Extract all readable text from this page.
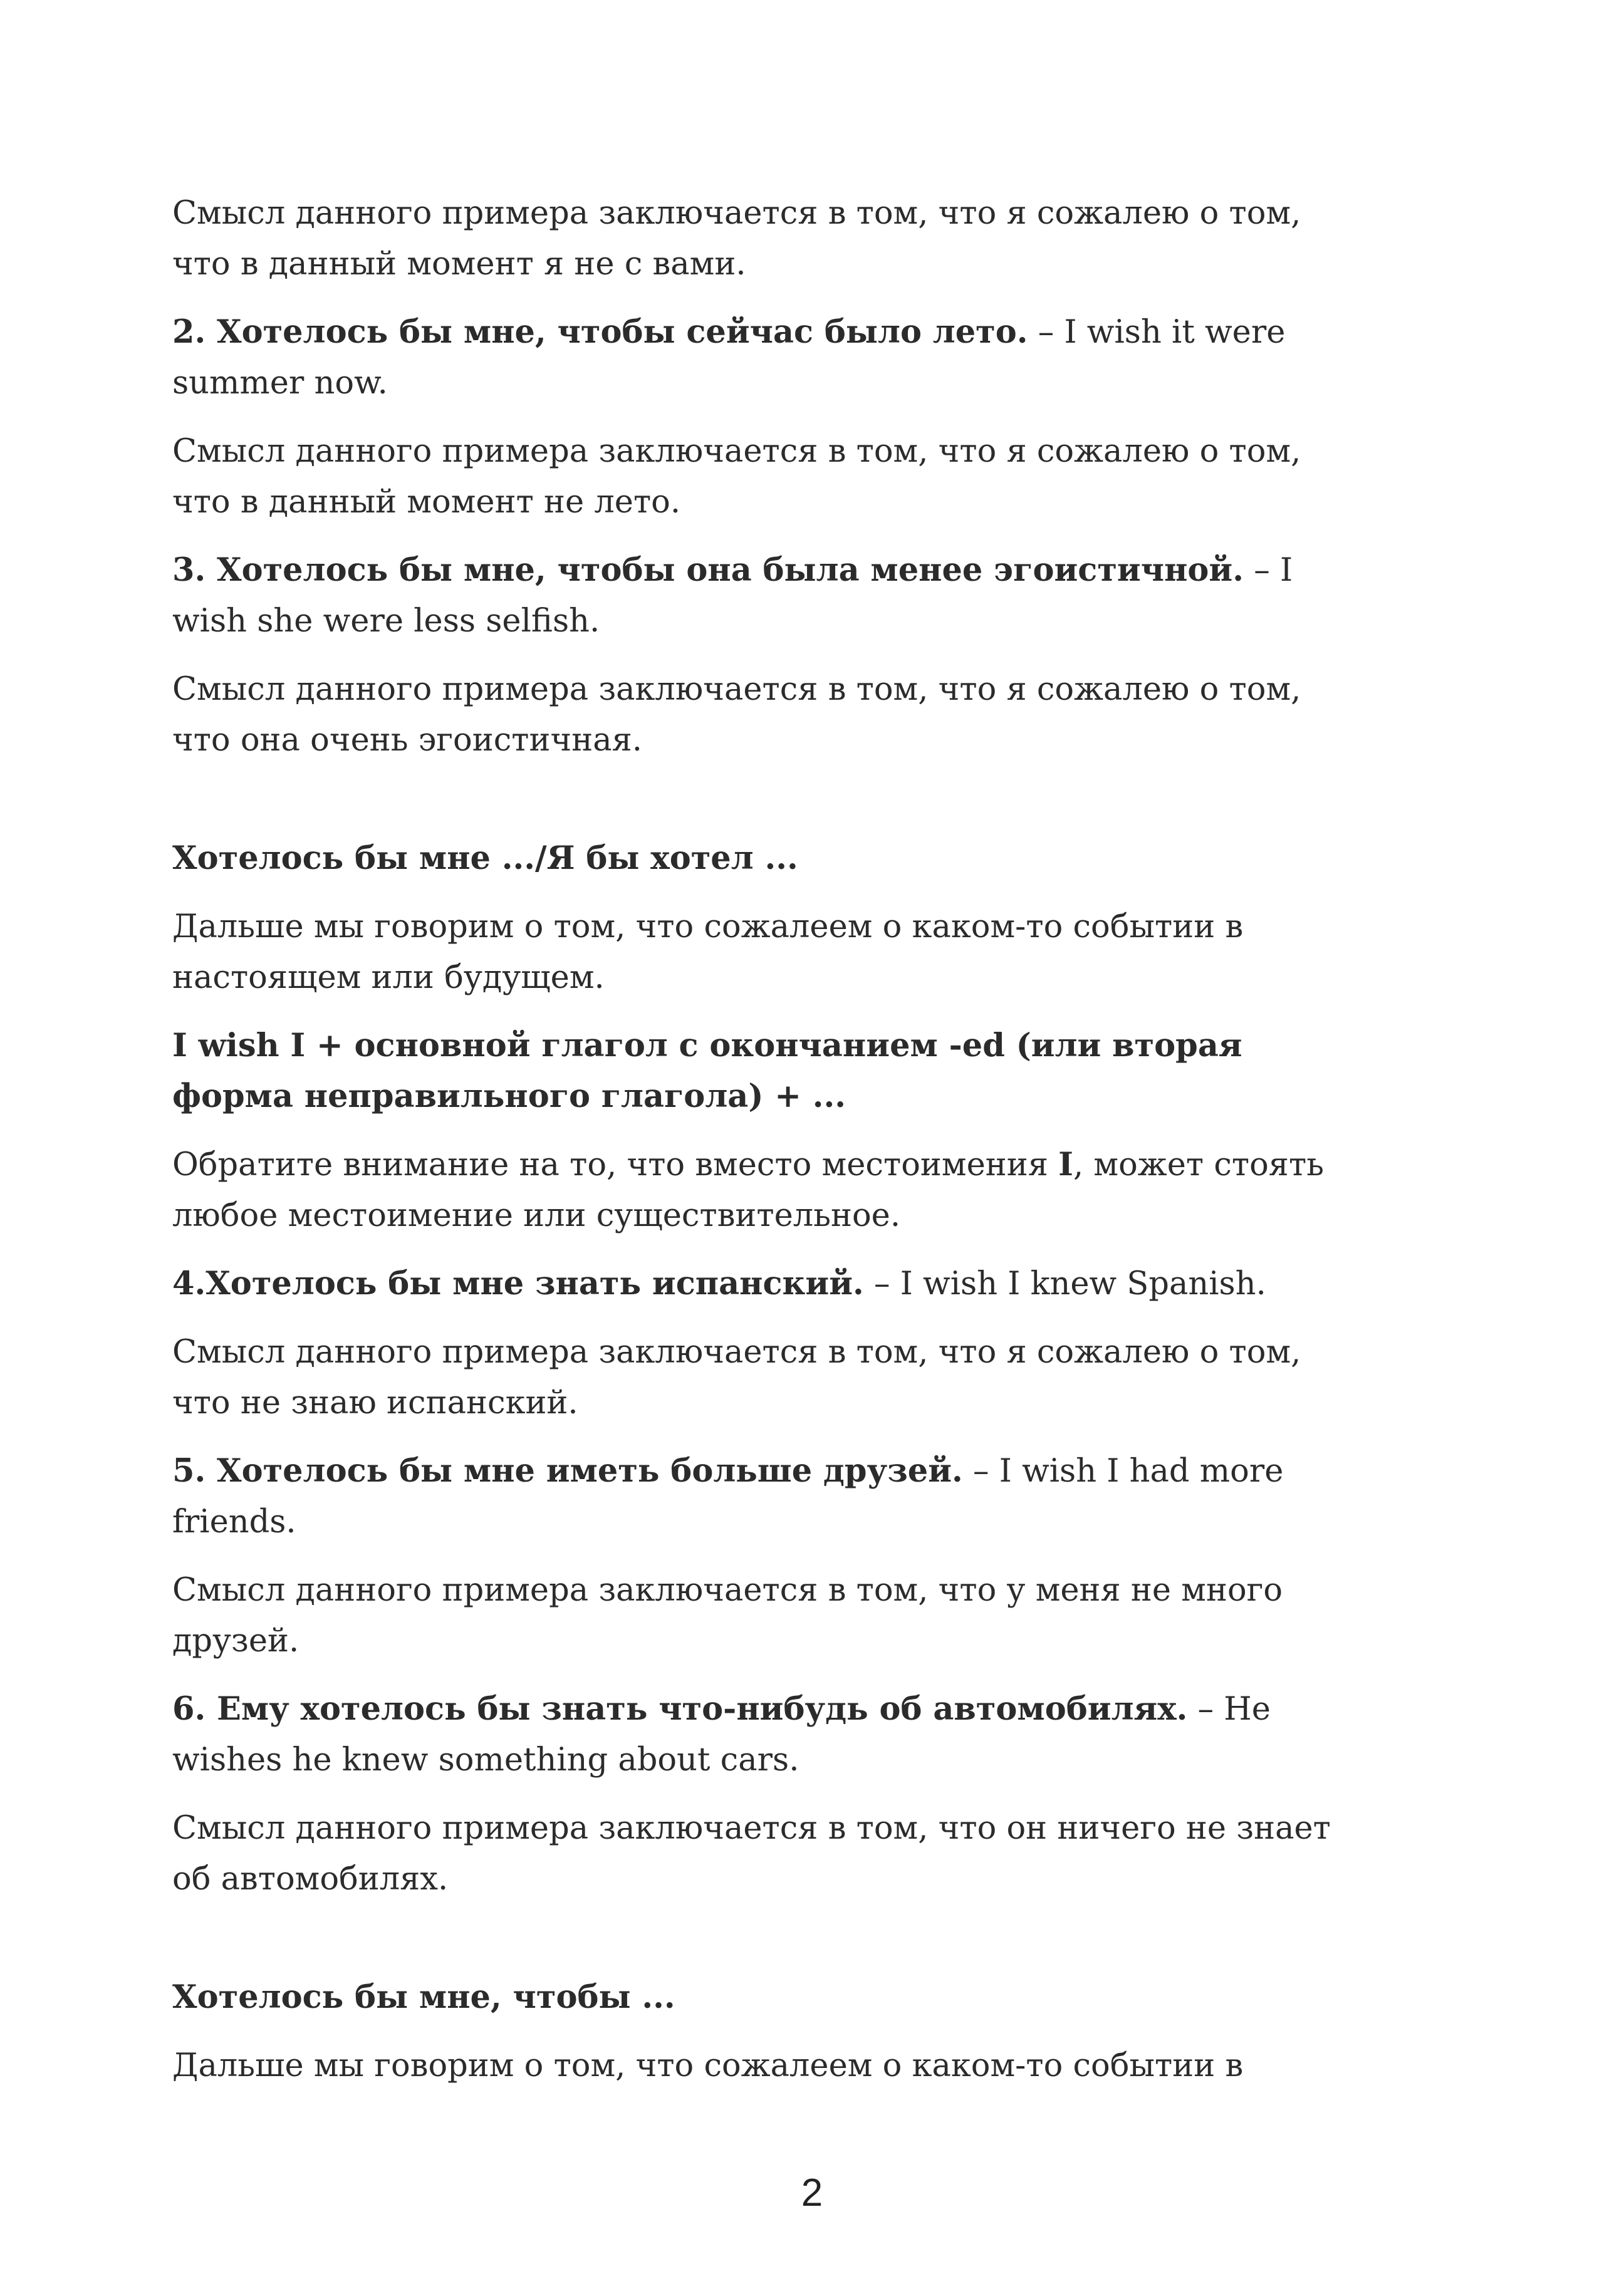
Смысл данного примера заключается в том, что я сожалею о том, что в данный момент я не с вами.

2. Хотелось бы мне, чтобы сейчас было лето. – I wish it were summer now.

Смысл данного примера заключается в том, что я сожалею о том, что в данный момент не лето.

3. Хотелось бы мне, чтобы она была менее эгоистичной. – I wish she were less selfish.

Смысл данного примера заключается в том, что я сожалею о том, что она очень эгоистичная.

Хотелось бы мне .../Я бы хотел ...

Дальше мы говорим о том, что сожалеем о каком-то событии в настоящем или будущем.

I wish I + основной глагол с окончанием -ed (или вторая форма неправильного глагола) + ...

Обратите внимание на то, что вместо местоимения I, может стоять любое местоимение или существительное.

4.Хотелось бы мне знать испанский. – I wish I knew Spanish.

Смысл данного примера заключается в том, что я сожалею о том, что не знаю испанский.

5. Хотелось бы мне иметь больше друзей. – I wish I had more friends.

Смысл данного примера заключается в том, что у меня не много друзей.

6. Ему хотелось бы знать что-нибудь об автомобилях. – He wishes he knew something about cars.

Смысл данного примера заключается в том, что он ничего не знает об автомобилях.

Хотелось бы мне, чтобы ...

Дальше мы говорим о том, что сожалеем о каком-то событии в

2
